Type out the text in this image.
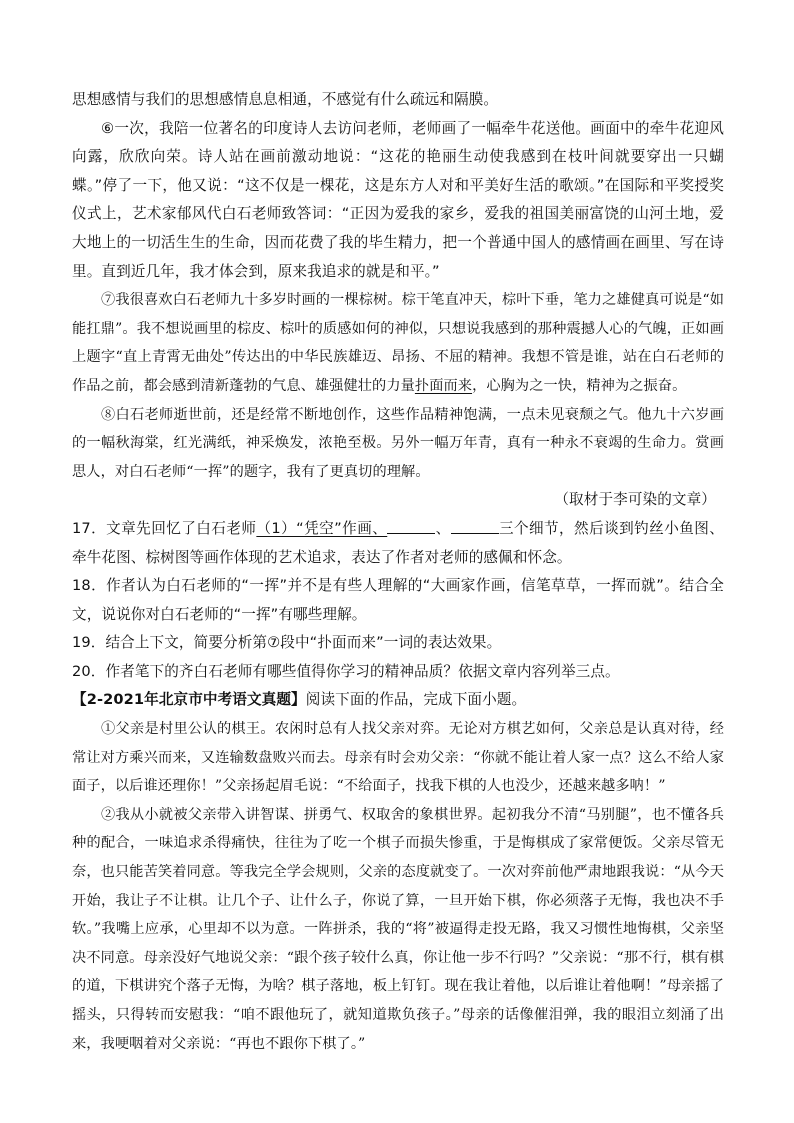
思想感情与我们的思想感情息息相通，不感觉有什么疏远和隔膜。

⑥一次，我陪一位著名的印度诗人去访问老师，老师画了一幅牵牛花送他。画面中的牵牛花迎风向露，欣欣向荣。诗人站在画前激动地说：“这花的艳丽生动使我感到在枝叶间就要穿出一只蝴蝶。”停了一下，他又说：“这不仅是一棵花，这是东方人对和平美好生活的歌颂。”在国际和平奖授奖仪式上，艺术家郁风代白石老师致答词：“正因为爱我的家乡，爱我的祖国美丽富饶的山河土地，爱大地上的一切活生生的生命，因而花费了我的毕生精力，把一个普通中国人的感情画在画里、写在诗里。直到近几年，我才体会到，原来我追求的就是和平。”

⑦我很喜欢白石老师九十多岁时画的一棵棕树。棕干笔直冲天，棕叶下垂，笔力之雄健真可说是“如能扛鼎”。我不想说画里的棕皮、棕叶的质感如何的神似，只想说我感到的那种震撼人心的气魄，正如画上题字“直上青霄无曲处”传达出的中华民族雄迈、昂扬、不屈的精神。我想不管是谁，站在白石老师的作品之前，都会感到清新蓬勃的气息、雄强健壮的力量扑面而来，心胸为之一快，精神为之振奋。

⑧白石老师逝世前，还是经常不断地创作，这些作品精神饱满，一点未见衰颓之气。他九十六岁画的一幅秋海棠，红光满纸，神采焕发，浓艳至极。另外一幅万年青，真有一种永不衰竭的生命力。赏画思人，对白石老师“一挥”的题字，我有了更真切的理解。

（取材于李可染的文章）

17．文章先回忆了白石老师（1）“凭空”作画、	、	三个细节，然后谈到钓丝小鱼图、牵牛花图、棕树图等画作体现的艺术追求，表达了作者对老师的感佩和怀念。

18．作者认为白石老师的“一挥”并不是有些人理解的“大画家作画，信笔草草，一挥而就”。结合全文，说说你对白石老师的“一挥”有哪些理解。

19．结合上下文，简要分析第⑦段中“扑面而来”一词的表达效果。

20．作者笔下的齐白石老师有哪些值得你学习的精神品质？依据文章内容列举三点。

【2-2021年北京市中考语文真题】阅读下面的作品，完成下面小题。

①父亲是村里公认的棋王。农闲时总有人找父亲对弈。无论对方棋艺如何，父亲总是认真对待，经常让对方乘兴而来，又连输数盘败兴而去。母亲有时会劝父亲：“你就不能让着人家一点？这么不给人家面子，以后谁还理你！”父亲扬起眉毛说：“不给面子，找我下棋的人也没少，还越来越多呐！”

②我从小就被父亲带入讲智谋、拼勇气、权取舍的象棋世界。起初我分不清“马别腿”，也不懂各兵种的配合，一味追求杀得痛快，往往为了吃一个棋子而损失惨重，于是悔棋成了家常便饭。父亲尽管无奈，也只能苦笑着同意。等我完全学会规则，父亲的态度就变了。一次对弈前他严肃地跟我说：“从今天开始，我让子不让棋。让几个子、让什么子，你说了算，一旦开始下棋，你必须落子无悔，我也决不手软。”我嘴上应承，心里却不以为意。一阵拼杀，我的“将”被逼得走投无路，我又习惯性地悔棋，父亲坚决不同意。母亲没好气地说父亲：“跟个孩子较什么真，你让他一步不行吗？”父亲说：“那不行，棋有棋的道，下棋讲究个落子无悔，为啥？棋子落地，板上钉钉。现在我让着他，以后谁让着他啊！”母亲摇了摇头，只得转而安慰我：“咱不跟他玩了，就知道欺负孩子。”母亲的话像催泪弹，我的眼泪立刻涌了出来，我哽咽着对父亲说：“再也不跟你下棋了。”
